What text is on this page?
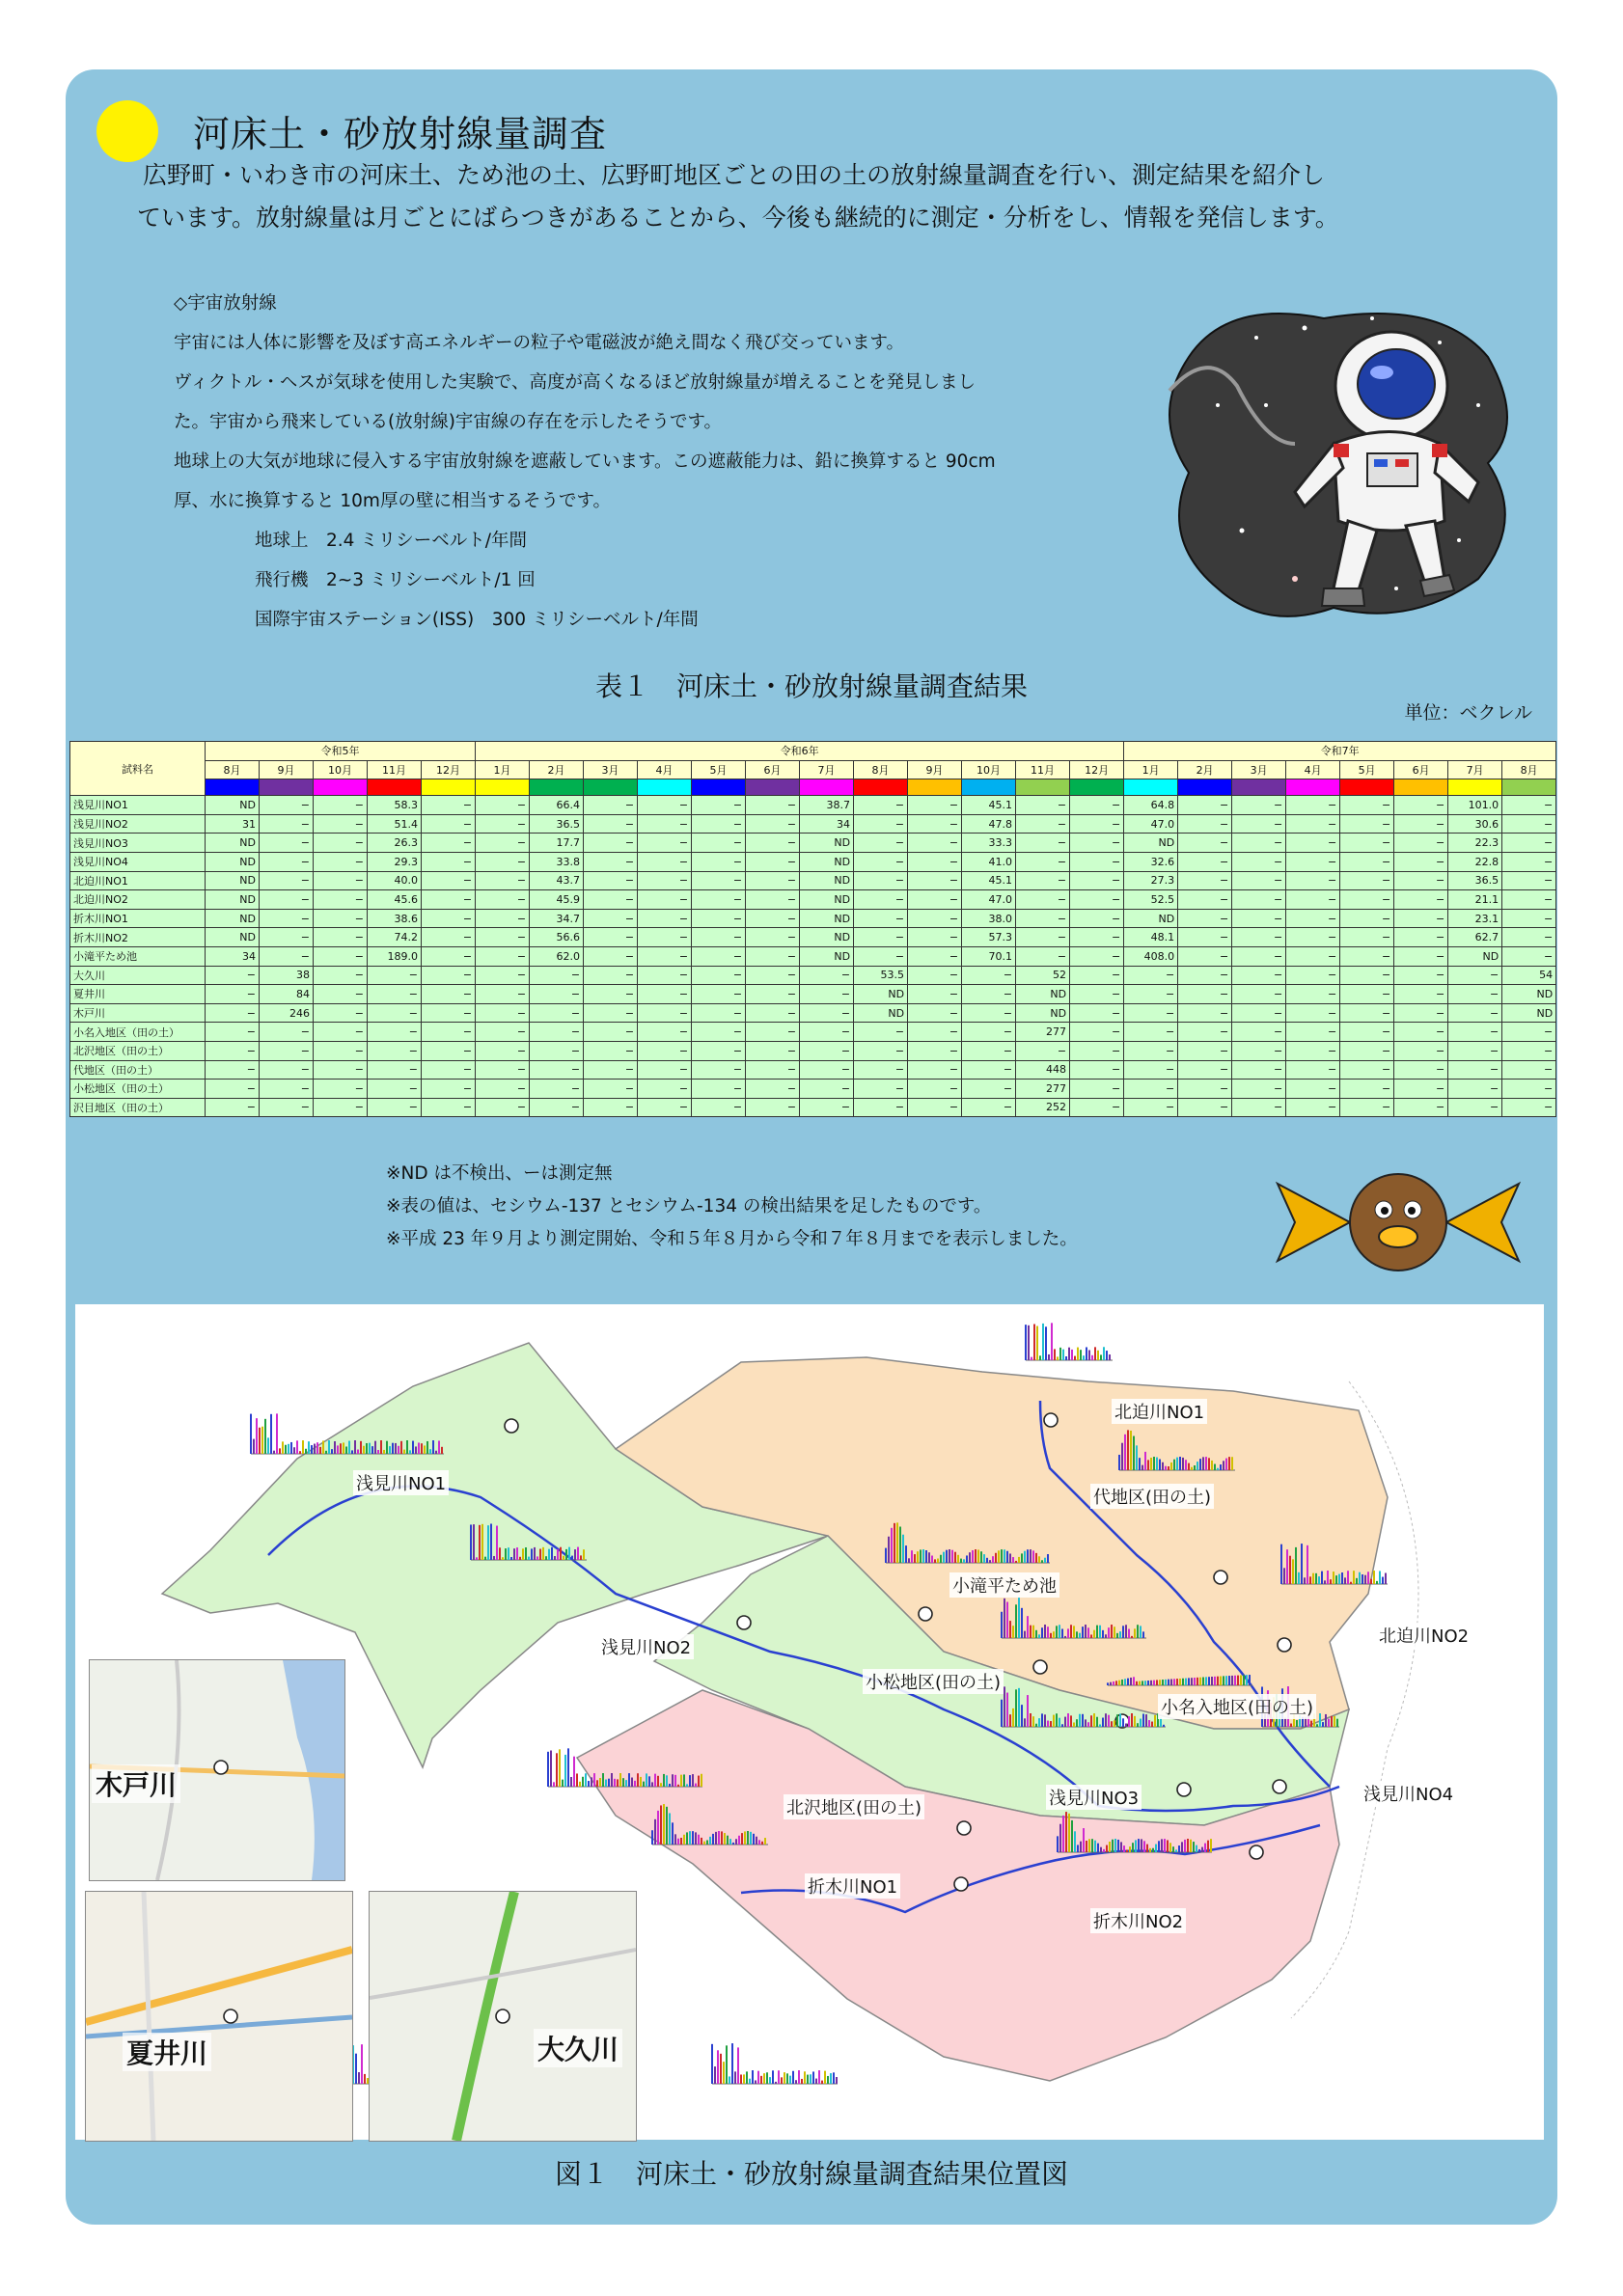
河床土・砂放射線量調査

広野町・いわき市の河床土、ため池の土、広野町地区ごとの田の土の放射線量調査を行い、測定結果を紹介し

ています。放射線量は月ごとにばらつきがあることから、今後も継続的に測定・分析をし、情報を発信します。

◇宇宙放射線
宇宙には人体に影響を及ぼす高エネルギーの粒子や電磁波が絶え間なく飛び交っています。
ヴィクトル・ヘスが気球を使用した実験で、高度が高くなるほど放射線量が増えることを発見しまし
た。宇宙から飛来している(放射線)宇宙線の存在を示したそうです。
地球上の大気が地球に侵入する宇宙放射線を遮蔽しています。この遮蔽能力は、鉛に換算すると 90cm
厚、水に換算すると 10m厚の壁に相当するそうです。
地球上　2.4 ミリシーベルト/年間
飛行機　2~3 ミリシーベルト/1 回
国際宇宙ステーション(ISS)　300 ミリシーベルト/年間
表１　河床土・砂放射線量調査結果
単位：ベクレル
試料名	令和5年					令和6年												令和7年							
	8月	9月	10月	11月	12月	1月	2月	3月	4月	5月	6月	7月	8月	9月	10月	11月	12月	1月	2月	3月	4月	5月	6月	7月	8月

浅見川NO1	ND	−	−	58.3	−	−	66.4	−	−	−	−	38.7	−	−	45.1	−	−	64.8	−	−	−	−	−	101.0	−
浅見川NO2	31	−	−	51.4	−	−	36.5	−	−	−	−	34	−	−	47.8	−	−	47.0	−	−	−	−	−	30.6	−
浅見川NO3	ND	−	−	26.3	−	−	17.7	−	−	−	−	ND	−	−	33.3	−	−	ND	−	−	−	−	−	22.3	−
浅見川NO4	ND	−	−	29.3	−	−	33.8	−	−	−	−	ND	−	−	41.0	−	−	32.6	−	−	−	−	−	22.8	−
北迫川NO1	ND	−	−	40.0	−	−	43.7	−	−	−	−	ND	−	−	45.1	−	−	27.3	−	−	−	−	−	36.5	−
北迫川NO2	ND	−	−	45.6	−	−	45.9	−	−	−	−	ND	−	−	47.0	−	−	52.5	−	−	−	−	−	21.1	−
折木川NO1	ND	−	−	38.6	−	−	34.7	−	−	−	−	ND	−	−	38.0	−	−	ND	−	−	−	−	−	23.1	−
折木川NO2	ND	−	−	74.2	−	−	56.6	−	−	−	−	ND	−	−	57.3	−	−	48.1	−	−	−	−	−	62.7	−
小滝平ため池	34	−	−	189.0	−	−	62.0	−	−	−	−	ND	−	−	70.1	−	−	408.0	−	−	−	−	−	ND	−
大久川	−	38	−	−	−	−	−	−	−	−	−	−	53.5	−	−	52	−	−	−	−	−	−	−	−	54
夏井川	−	84	−	−	−	−	−	−	−	−	−	−	ND	−	−	ND	−	−	−	−	−	−	−	−	ND
木戸川	−	246	−	−	−	−	−	−	−	−	−	−	ND	−	−	ND	−	−	−	−	−	−	−	−	ND
小名入地区（田の土）	−	−	−	−	−	−	−	−	−	−	−	−	−	−	−	277	−	−	−	−	−	−	−	−	−
北沢地区（田の土）	−	−	−	−	−	−	−	−	−	−	−	−	−	−	−	−	−	−	−	−	−	−	−	−	−
代地区（田の土）	−	−	−	−	−	−	−	−	−	−	−	−	−	−	−	448	−	−	−	−	−	−	−	−	−
小松地区（田の土）	−	−	−	−	−	−	−	−	−	−	−	−	−	−	−	277	−	−	−	−	−	−	−	−	−
沢目地区（田の土）	−	−	−	−	−	−	−	−	−	−	−	−	−	−	−	252	−	−	−	−	−	−	−	−	−
※ND は不検出、ーは測定無
※表の値は、セシウム-137 とセシウム-134 の検出結果を足したものです。
※平成 23 年９月より測定開始、令和５年８月から令和７年８月までを表示しました。
浅見川NO1
浅見川NO2
浅見川NO3	浅見川NO4
北迫川NO1
北迫川NO2
代地区(田の土)
小滝平ため池
小松地区(田の土)
小名入地区(田の土)
北沢地区(田の土)
折木川NO1
折木川NO2
木戸川
夏井川	大久川
図１　河床土・砂放射線量調査結果位置図
